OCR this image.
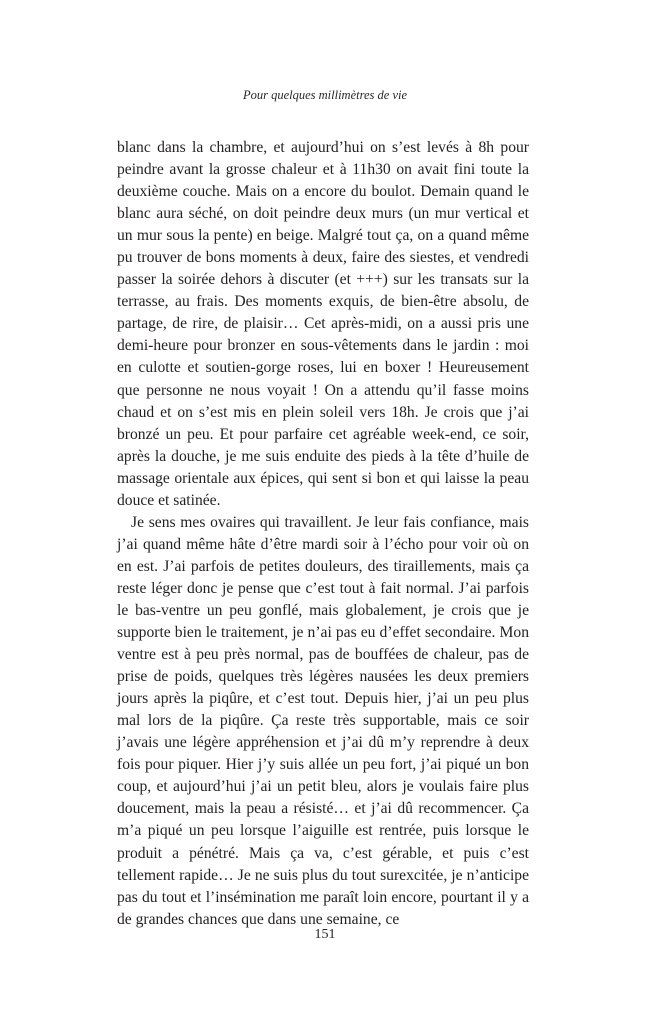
Pour quelques millimètres de vie

blanc dans la chambre, et aujourd’hui on s’est levés à 8h pour peindre avant la grosse chaleur et à 11h30 on avait fini toute la deuxième couche. Mais on a encore du boulot. Demain quand le blanc aura séché, on doit peindre deux murs (un mur vertical et un mur sous la pente) en beige. Malgré tout ça, on a quand même pu trouver de bons moments à deux, faire des siestes, et vendredi passer la soirée dehors à discuter (et +++) sur les transats sur la terrasse, au frais. Des moments exquis, de bien-être absolu, de partage, de rire, de plaisir… Cet après-midi, on a aussi pris une demi-heure pour bronzer en sous-vêtements dans le jardin : moi en culotte et soutien-gorge roses, lui en boxer ! Heureusement que personne ne nous voyait ! On a attendu qu’il fasse moins chaud et on s’est mis en plein soleil vers 18h. Je crois que j’ai bronzé un peu. Et pour parfaire cet agréable week-end, ce soir, après la douche, je me suis enduite des pieds à la tête d’huile de massage orientale aux épices, qui sent si bon et qui laisse la peau douce et satinée.

Je sens mes ovaires qui travaillent. Je leur fais confiance, mais j’ai quand même hâte d’être mardi soir à l’écho pour voir où on en est. J’ai parfois de petites douleurs, des tiraillements, mais ça reste léger donc je pense que c’est tout à fait normal. J’ai parfois le bas-ventre un peu gonflé, mais globalement, je crois que je supporte bien le traitement, je n’ai pas eu d’effet secondaire. Mon ventre est à peu près normal, pas de bouffées de chaleur, pas de prise de poids, quelques très légères nausées les deux premiers jours après la piqûre, et c’est tout. Depuis hier, j’ai un peu plus mal lors de la piqûre. Ça reste très supportable, mais ce soir j’avais une légère appréhension et j’ai dû m’y reprendre à deux fois pour piquer. Hier j’y suis allée un peu fort, j’ai piqué un bon coup, et aujourd’hui j’ai un petit bleu, alors je voulais faire plus doucement, mais la peau a résisté… et j’ai dû recommencer. Ça m’a piqué un peu lorsque l’aiguille est rentrée, puis lorsque le produit a pénétré. Mais ça va, c’est gérable, et puis c’est tellement rapide… Je ne suis plus du tout surexcitée, je n’anticipe pas du tout et l’insémination me paraît loin encore, pourtant il y a de grandes chances que dans une semaine, ce

151
